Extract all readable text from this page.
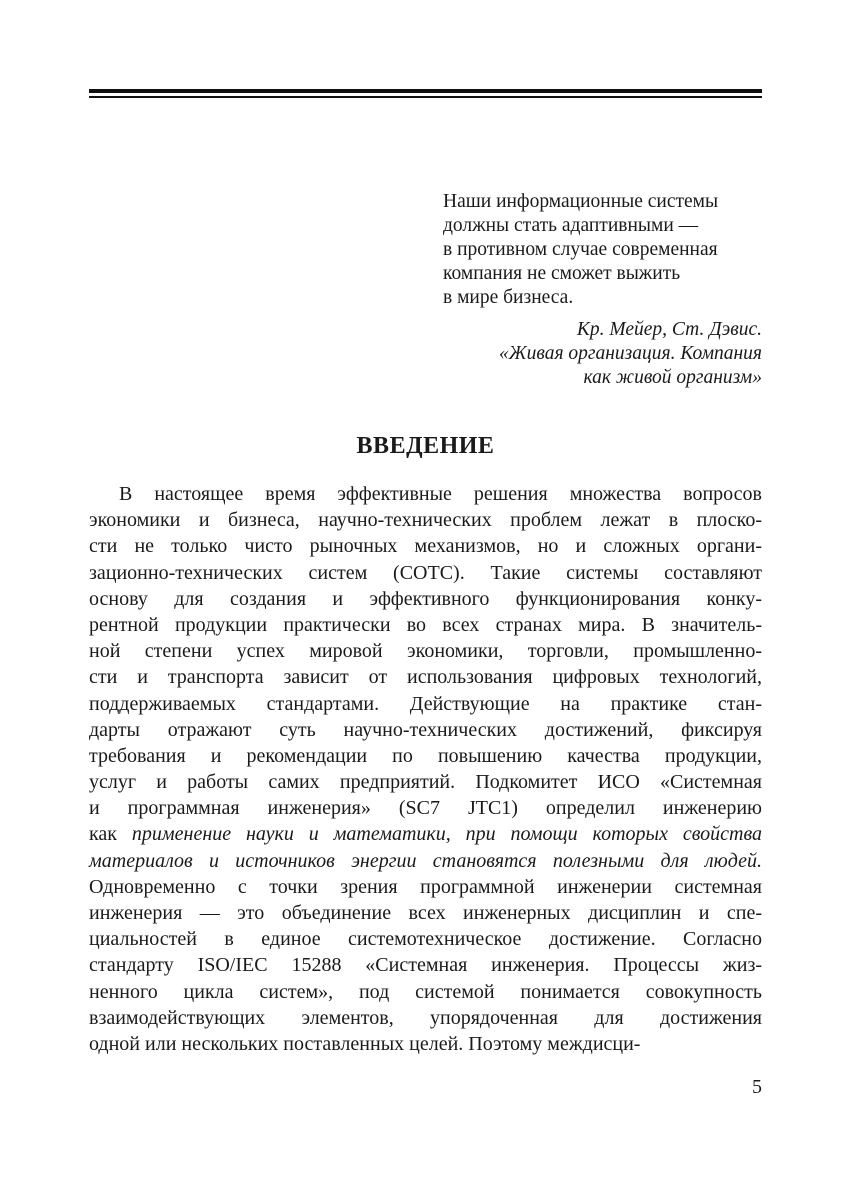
Наши информационные системы
должны стать адаптивными —
в противном случае современная
компания не сможет выжить
в мире бизнеса.
Кр. Мейер, Ст. Дэвис.
«Живая организация. Компания
как живой организм»
ВВЕДЕНИЕ
В настоящее время эффективные решения множества вопросов
экономики и бизнеса, научно-технических проблем лежат в плоско-
сти не только чисто рыночных механизмов, но и сложных органи-
зационно-технических систем (СОТС). Такие системы составляют
основу для создания и эффективного функционирования конку-
рентной продукции практически во всех странах мира. В значитель-
ной степени успех мировой экономики, торговли, промышленно-
сти и транспорта зависит от использования цифровых технологий,
поддерживаемых стандартами. Действующие на практике стан-
дарты отражают суть научно-технических достижений, фиксируя
требования и рекомендации по повышению качества продукции,
услуг и работы самих предприятий. Подкомитет ИСО «Системная
и программная инженерия» (SC7 JTC1) определил инженерию
как применение науки и математики, при помощи которых свойства
материалов и источников энергии становятся полезными для людей.
Одновременно с точки зрения программной инженерии системная
инженерия — это объединение всех инженерных дисциплин и спе-
циальностей в единое системотехническое достижение. Согласно
стандарту ISO/IEC 15288 «Системная инженерия. Процессы жиз-
ненного цикла систем», под системой понимается совокупность
взаимодействующих элементов, упорядоченная для достижения
одной или нескольких поставленных целей. Поэтому междисци-
5
